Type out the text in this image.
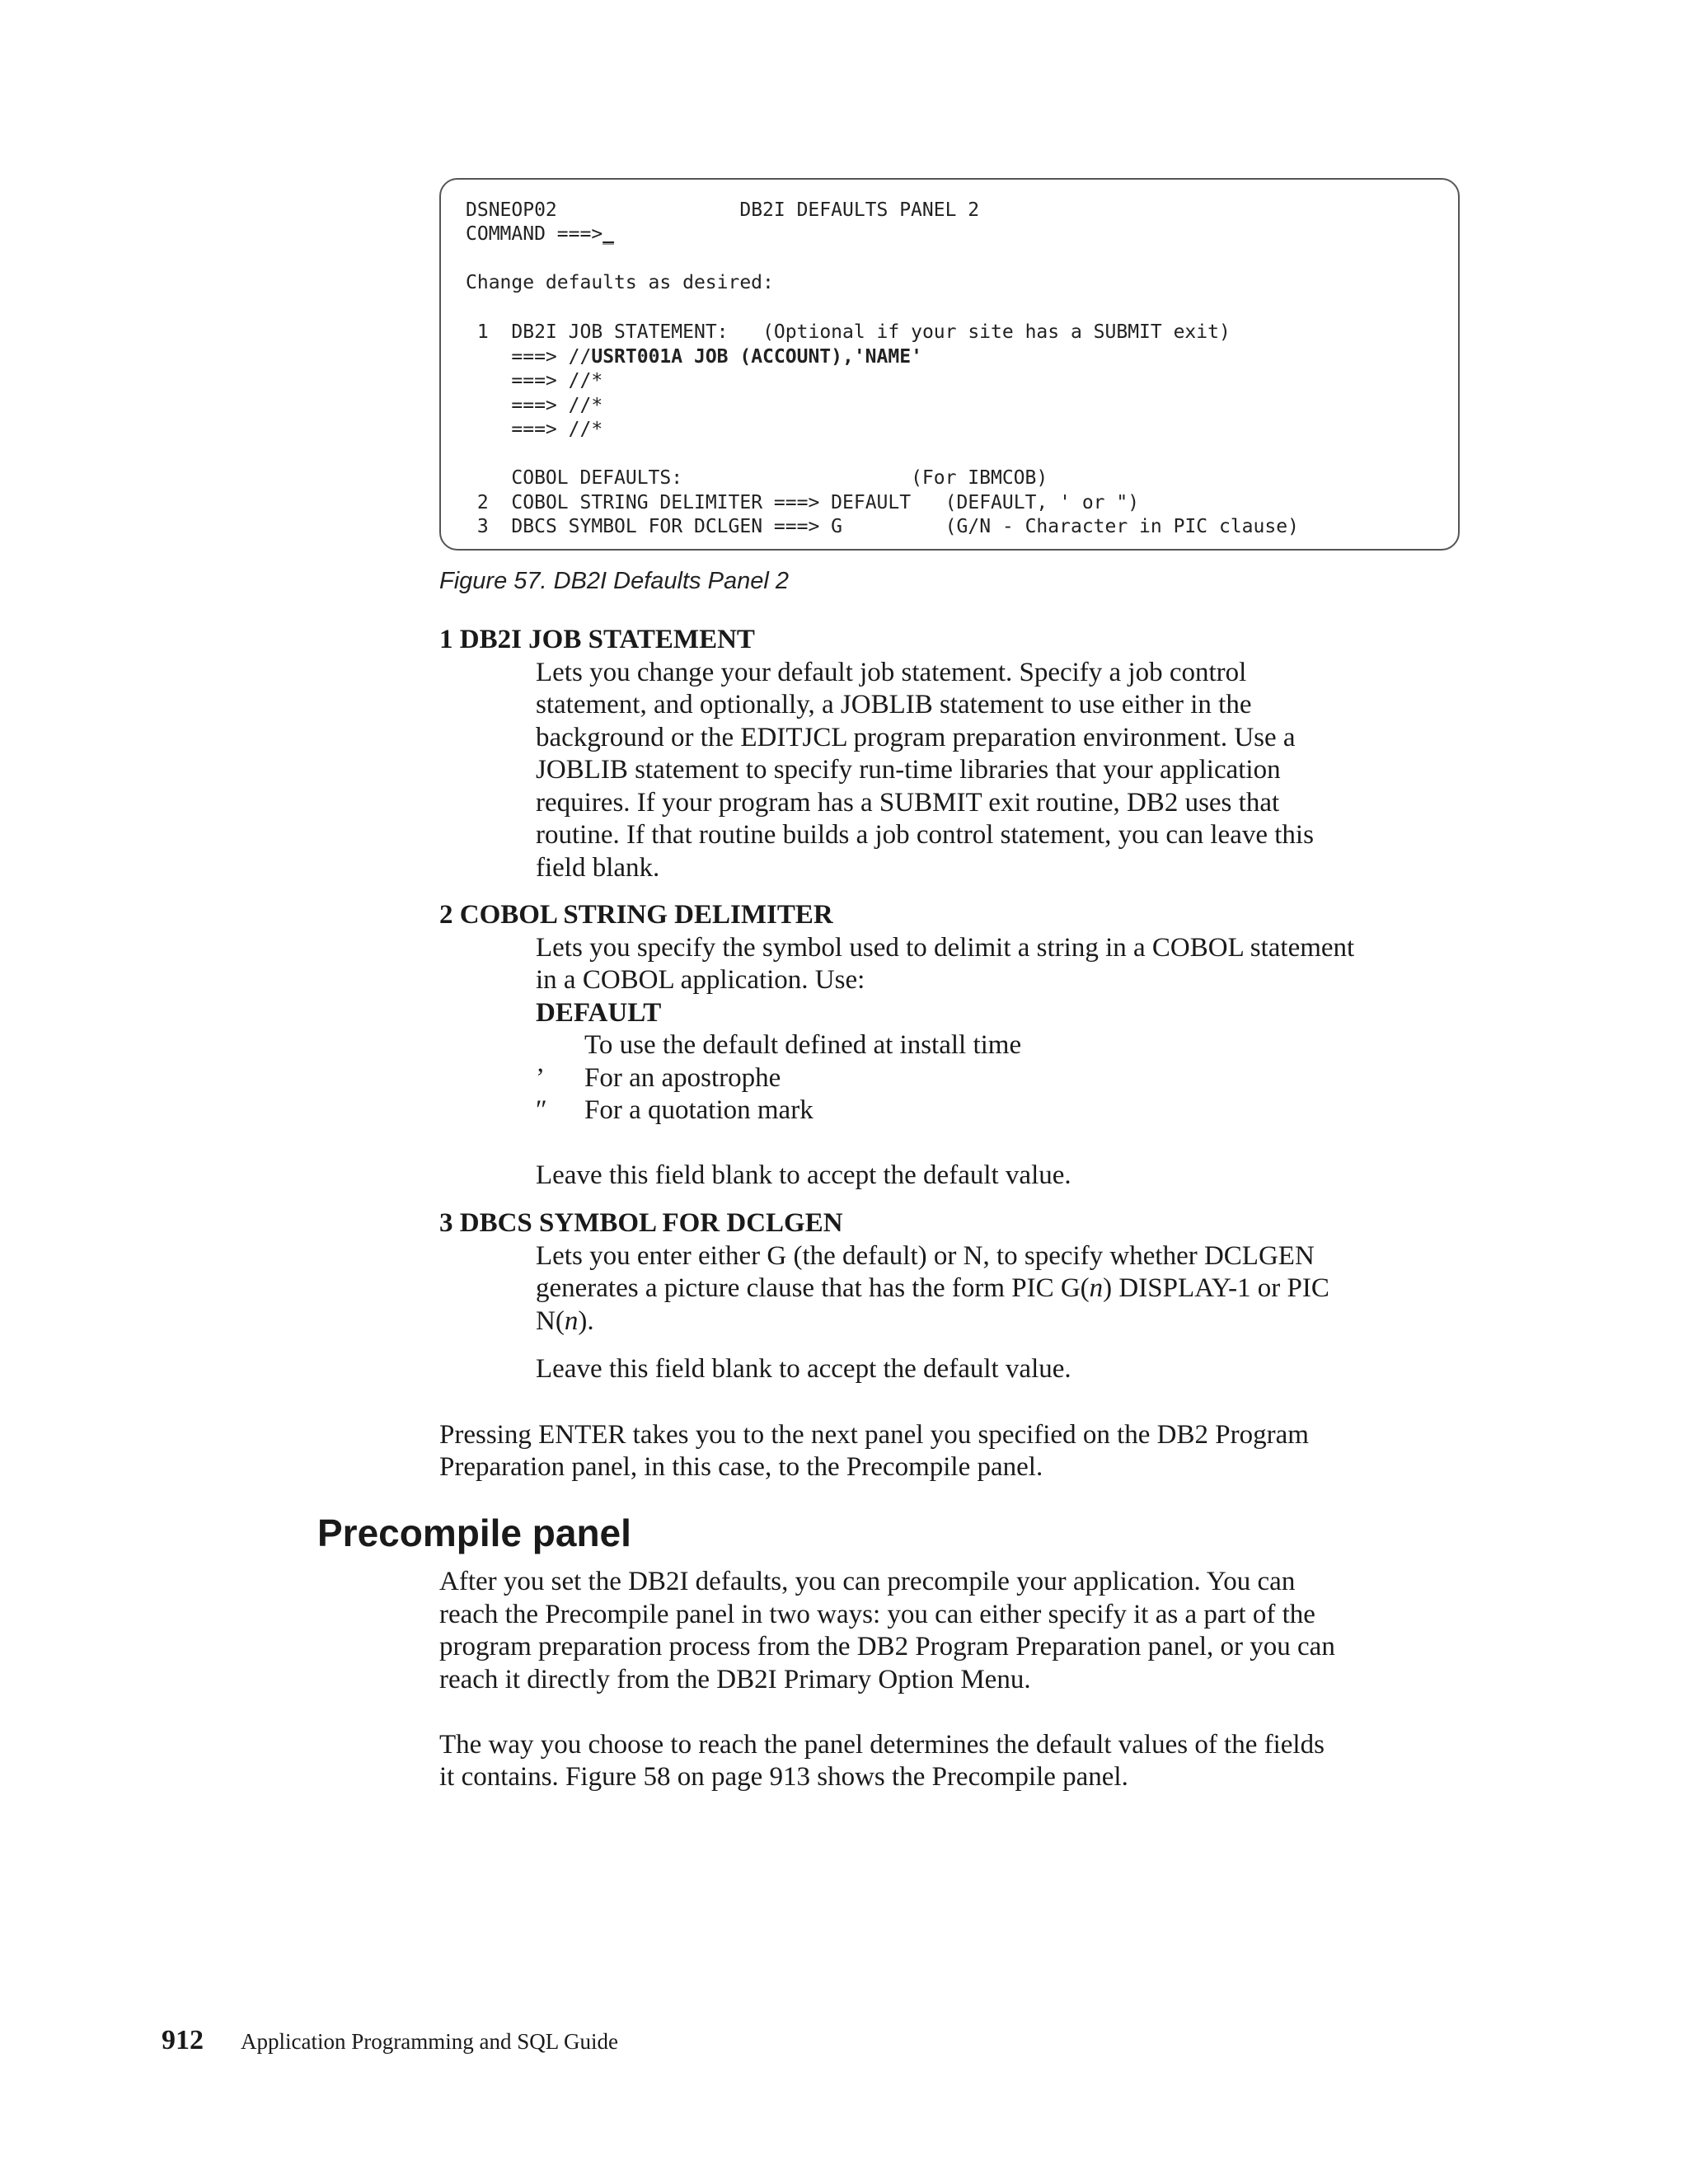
DSNEOP02	DB2I DEFAULTS PANEL 2
COMMAND ===>_
Change defaults as desired:
1 DB2I JOB STATEMENT: (Optional if your site has a SUBMIT exit)
===> //USRT001A JOB (ACCOUNT),'NAME'
===> //*
===> //*
===> //*
COBOL DEFAULTS:	(For IBMCOB)
2 COBOL STRING DELIMITER ===> DEFAULT (DEFAULT, ' or ")
3 DBCS SYMBOL FOR DCLGEN ===> G	(G/N - Character in PIC clause)
Figure 57. DB2I Defaults Panel 2
1 DB2I JOB STATEMENT
Lets you change your default job statement. Specify a job control
statement, and optionally, a JOBLIB statement to use either in the
background or the EDITJCL program preparation environment. Use a
JOBLIB statement to specify run-time libraries that your application
requires. If your program has a SUBMIT exit routine, DB2 uses that
routine. If that routine builds a job control statement, you can leave this
field blank.
2 COBOL STRING DELIMITER
Lets you specify the symbol used to delimit a string in a COBOL statement
in a COBOL application. Use:
DEFAULT
To use the default defined at install time
’ For an apostrophe
″ For a quotation mark
Leave this field blank to accept the default value.
3 DBCS SYMBOL FOR DCLGEN
Lets you enter either G (the default) or N, to specify whether DCLGEN
generates a picture clause that has the form PIC G(n) DISPLAY-1 or PIC
N(n).
Leave this field blank to accept the default value.
Pressing ENTER takes you to the next panel you specified on the DB2 Program
Preparation panel, in this case, to the Precompile panel.
Precompile panel
After you set the DB2I defaults, you can precompile your application. You can
reach the Precompile panel in two ways: you can either specify it as a part of the
program preparation process from the DB2 Program Preparation panel, or you can
reach it directly from the DB2I Primary Option Menu.
The way you choose to reach the panel determines the default values of the fields
it contains. Figure 58 on page 913 shows the Precompile panel.
912 Application Programming and SQL Guide
